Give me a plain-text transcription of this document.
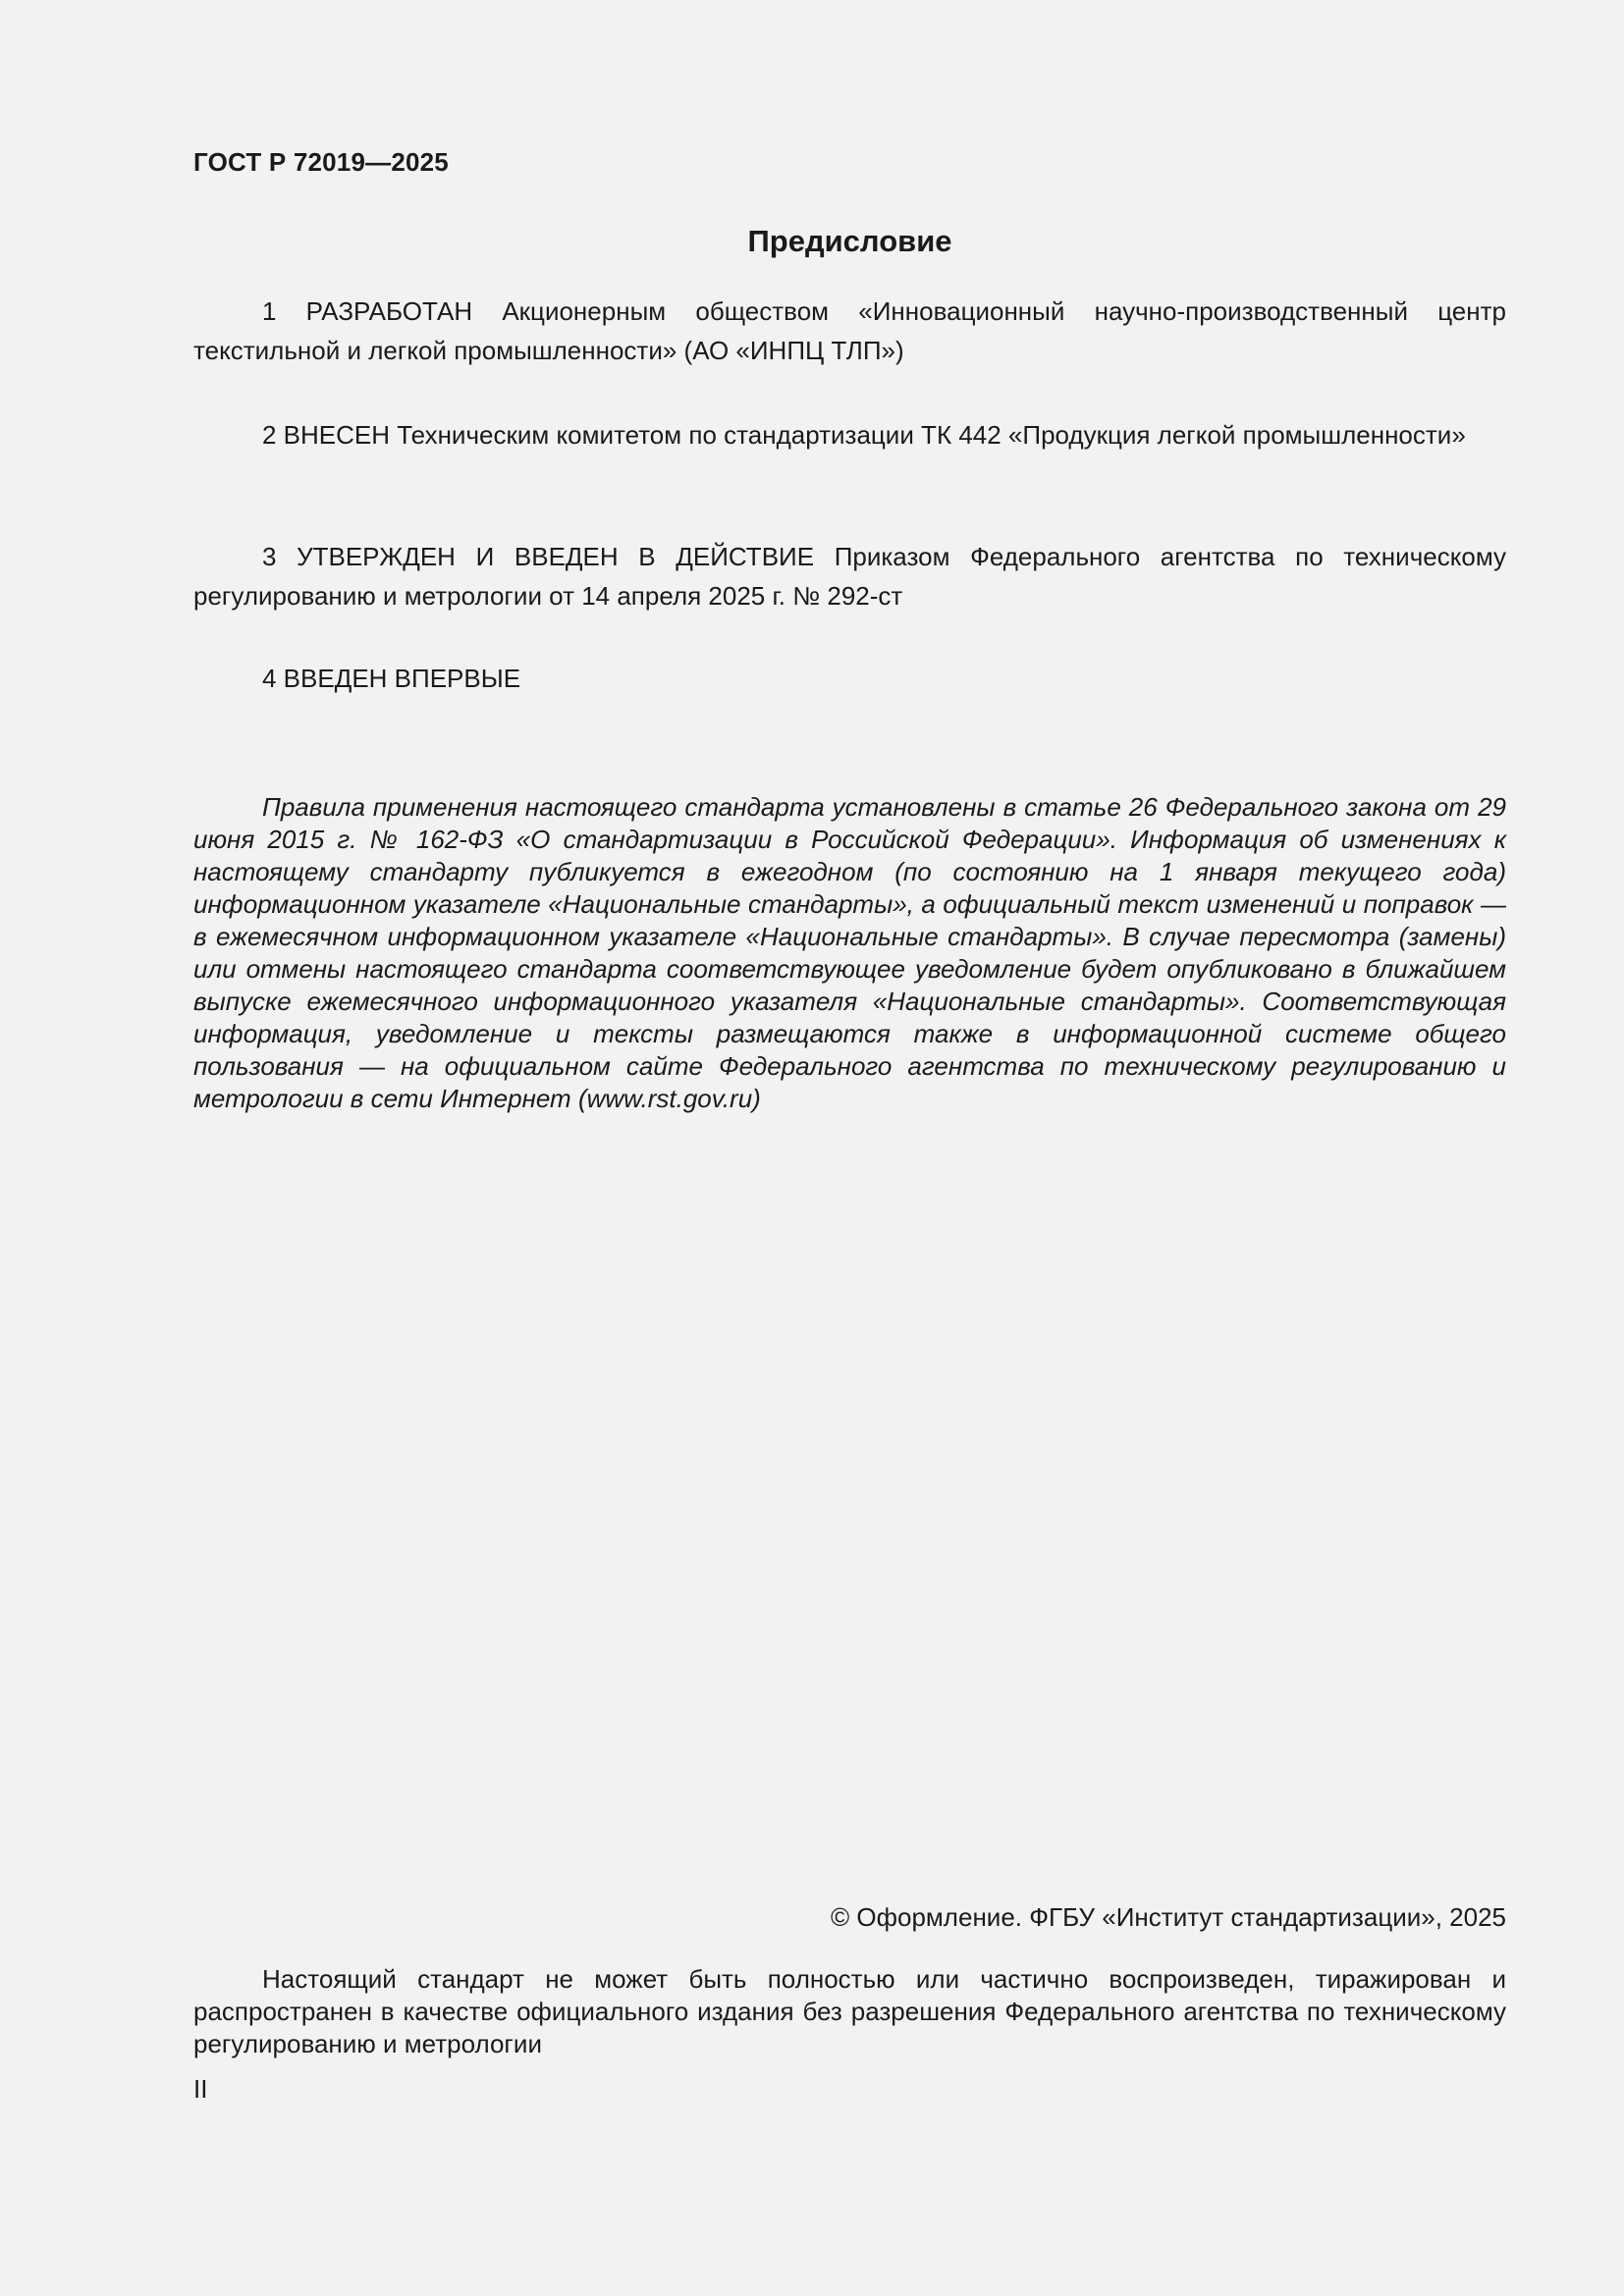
ГОСТ Р 72019—2025
Предисловие

1 РАЗРАБОТАН Акционерным обществом «Инновационный научно-производственный центр текстильной и легкой промышленности» (АО «ИНПЦ ТЛП»)

2 ВНЕСЕН Техническим комитетом по стандартизации ТК 442 «Продукция легкой промышленности»

3 УТВЕРЖДЕН И ВВЕДЕН В ДЕЙСТВИЕ Приказом Федерального агентства по техническому регулированию и метрологии от 14 апреля 2025 г. № 292-ст

4 ВВЕДЕН ВПЕРВЫЕ

Правила применения настоящего стандарта установлены в статье 26 Федерального закона от 29 июня 2015 г. № 162-ФЗ «О стандартизации в Российской Федерации». Информация об изменениях к настоящему стандарту публикуется в ежегодном (по состоянию на 1 января текущего года) информационном указателе «Национальные стандарты», а официальный текст изменений и поправок — в ежемесячном информационном указателе «Национальные стандарты». В случае пересмотра (замены) или отмены настоящего стандарта соответствующее уведомление будет опубликовано в ближайшем выпуске ежемесячного информационного указателя «Национальные стандарты». Соответствующая информация, уведомление и тексты размещаются также в информационной системе общего пользования — на официальном сайте Федерального агентства по техническому регулированию и метрологии в сети Интернет (www.rst.gov.ru)

© Оформление. ФГБУ «Институт стандартизации», 2025

Настоящий стандарт не может быть полностью или частично воспроизведен, тиражирован и распространен в качестве официального издания без разрешения Федерального агентства по техническому регулированию и метрологии

II
